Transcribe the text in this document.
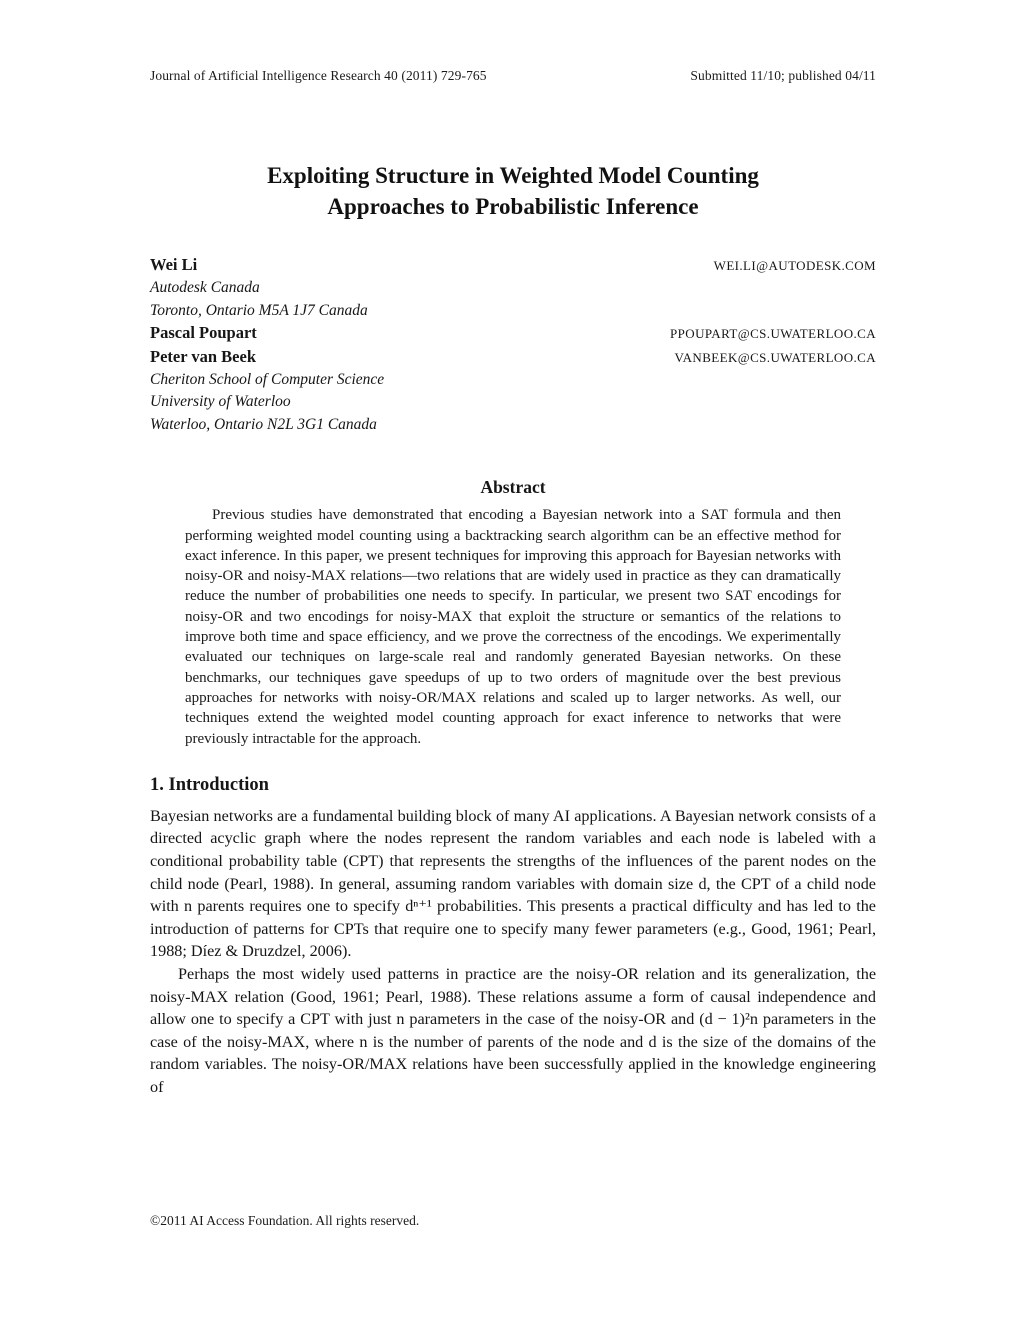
Journal of Artificial Intelligence Research 40 (2011) 729-765	Submitted 11/10; published 04/11
Exploiting Structure in Weighted Model Counting
Approaches to Probabilistic Inference
Wei Li	WEI.LI@AUTODESK.COM
Autodesk Canada
Toronto, Ontario M5A 1J7 Canada
Pascal Poupart	PPOUPART@CS.UWATERLOO.CA
Peter van Beek	VANBEEK@CS.UWATERLOO.CA
Cheriton School of Computer Science
University of Waterloo
Waterloo, Ontario N2L 3G1 Canada
Abstract
Previous studies have demonstrated that encoding a Bayesian network into a SAT formula and then performing weighted model counting using a backtracking search algorithm can be an effective method for exact inference. In this paper, we present techniques for improving this approach for Bayesian networks with noisy-OR and noisy-MAX relations—two relations that are widely used in practice as they can dramatically reduce the number of probabilities one needs to specify. In particular, we present two SAT encodings for noisy-OR and two encodings for noisy-MAX that exploit the structure or semantics of the relations to improve both time and space efficiency, and we prove the correctness of the encodings. We experimentally evaluated our techniques on large-scale real and randomly generated Bayesian networks. On these benchmarks, our techniques gave speedups of up to two orders of magnitude over the best previous approaches for networks with noisy-OR/MAX relations and scaled up to larger networks. As well, our techniques extend the weighted model counting approach for exact inference to networks that were previously intractable for the approach.
1. Introduction
Bayesian networks are a fundamental building block of many AI applications. A Bayesian network consists of a directed acyclic graph where the nodes represent the random variables and each node is labeled with a conditional probability table (CPT) that represents the strengths of the influences of the parent nodes on the child node (Pearl, 1988). In general, assuming random variables with domain size d, the CPT of a child node with n parents requires one to specify dⁿ⁺¹ probabilities. This presents a practical difficulty and has led to the introduction of patterns for CPTs that require one to specify many fewer parameters (e.g., Good, 1961; Pearl, 1988; Díez & Druzdzel, 2006).
Perhaps the most widely used patterns in practice are the noisy-OR relation and its generalization, the noisy-MAX relation (Good, 1961; Pearl, 1988). These relations assume a form of causal independence and allow one to specify a CPT with just n parameters in the case of the noisy-OR and (d − 1)²n parameters in the case of the noisy-MAX, where n is the number of parents of the node and d is the size of the domains of the random variables. The noisy-OR/MAX relations have been successfully applied in the knowledge engineering of
©2011 AI Access Foundation. All rights reserved.
